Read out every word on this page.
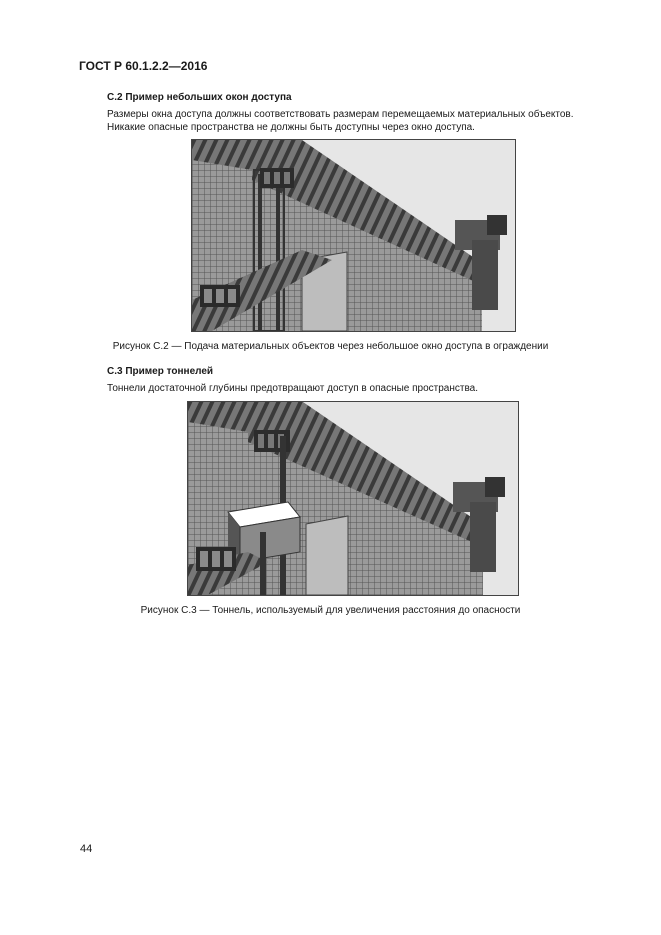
ГОСТ Р 60.1.2.2—2016
С.2 Пример небольших окон доступа
Размеры окна доступа должны соответствовать размерам перемещаемых материальных объектов.
Никакие опасные пространства не должны быть доступны через окно доступа.
Рисунок С.2 — Подача материальных объектов через небольшое окно доступа в ограждении
С.3 Пример тоннелей
Тоннели достаточной глубины предотвращают доступ в опасные пространства.
Рисунок С.3 — Тоннель, используемый для увеличения расстояния до опасности
44
